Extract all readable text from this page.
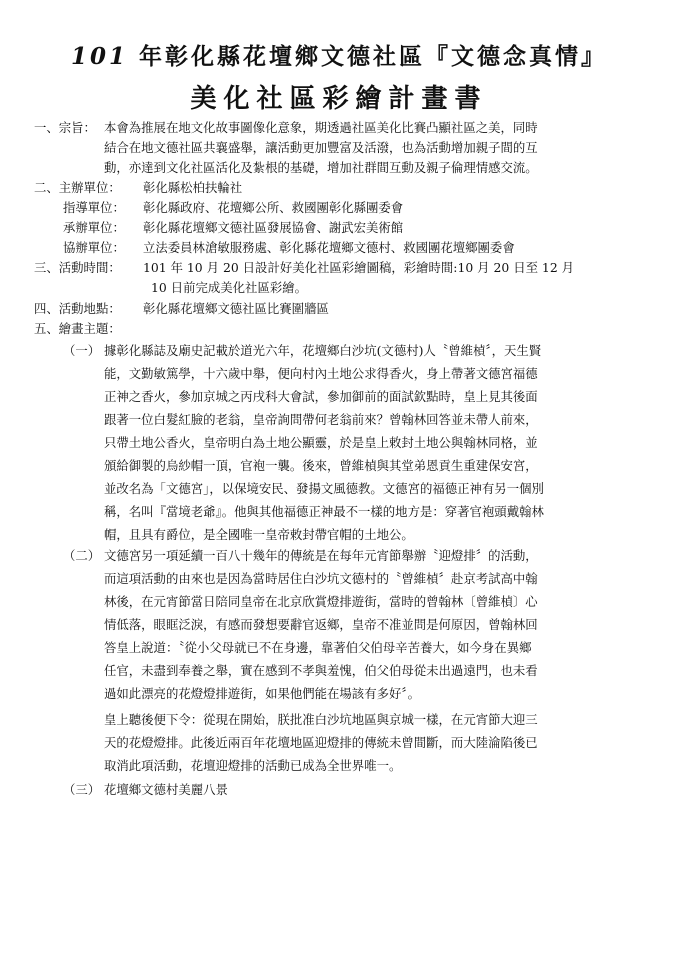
101 年彰化縣花壇鄉文德社區『文德念真情』
美化社區彩繪計畫書
一、宗旨： 本會為推展在地文化故事圖像化意象，期透過社區美化比賽凸顯社區之美，同時
結合在地文德社區共襄盛舉，讓活動更加豐富及活潑，也為活動增加親子間的互
動，亦達到文化社區活化及紮根的基礎，增加社群間互動及親子倫理情感交流。
二、主辦單位： 彰化縣松柏扶輪社
指導單位： 彰化縣政府、花壇鄉公所、救國團彰化縣團委會
承辦單位： 彰化縣花壇鄉文德社區發展協會、謝武宏美術館
協辦單位： 立法委員林滄敏服務處、彰化縣花壇鄉文德村、救國團花壇鄉團委會
三、活動時間： 101 年 10 月 20 日設計好美化社區彩繪圖稿，彩繪時間:10 月 20 日至 12 月
10 日前完成美化社區彩繪。
四、活動地點： 彰化縣花壇鄉文德社區比賽圍牆區
五、繪畫主題：
（一） 據彰化縣誌及廟史記載於道光六年，花壇鄉白沙坑(文德村)人〝曾維楨〞，天生賢
能，文勤敏篤學，十六歲中舉，便向村內土地公求得香火，身上帶著文德宮福德
正神之香火，參加京城之丙戌科大會試，參加御前的面試欽點時，皇上見其後面
跟著一位白髮紅臉的老翁，皇帝詢問帶何老翁前來？曾翰林回答並未帶人前來，
只帶土地公香火，皇帝明白為土地公顯靈，於是皇上敕封土地公與翰林同格，並
頒給御製的烏紗帽一頂，官袍一襲。後來，曾維楨與其堂弟恩貢生重建保安宮，
並改名為「文德宮」，以保境安民、發揚文風德教。文德宮的福德正神有另一個別
稱，名叫『當境老爺』。他與其他福德正神最不一樣的地方是：穿著官袍頭戴翰林
帽，且具有爵位，是全國唯一皇帝敕封帶官帽的土地公。
（二） 文德宮另一項延續一百八十幾年的傳統是在每年元宵節舉辦〝迎燈排〞的活動，
而這項活動的由來也是因為當時居住白沙坑文德村的〝曾維楨〞赴京考試高中翰
林後，在元宵節當日陪同皇帝在北京欣賞燈排遊街，當時的曾翰林〔曾維楨〕心
情低落，眼眶泛淚，有感而發想要辭官返鄉，皇帝不准並問是何原因，曾翰林回
答皇上說道：〝從小父母就已不在身邊，靠著伯父伯母辛苦養大，如今身在異鄉
任官，未盡到奉養之舉，實在感到不孝與羞愧，伯父伯母從未出過遠門，也未看
過如此漂亮的花燈燈排遊街，如果他們能在場該有多好〞。
皇上聽後便下令：從現在開始，朕批准白沙坑地區與京城一樣，在元宵節大迎三
天的花燈燈排。此後近兩百年花壇地區迎燈排的傳統未曾間斷，而大陸淪陷後已
取消此項活動，花壇迎燈排的活動已成為全世界唯一。
（三） 花壇鄉文德村美麗八景
